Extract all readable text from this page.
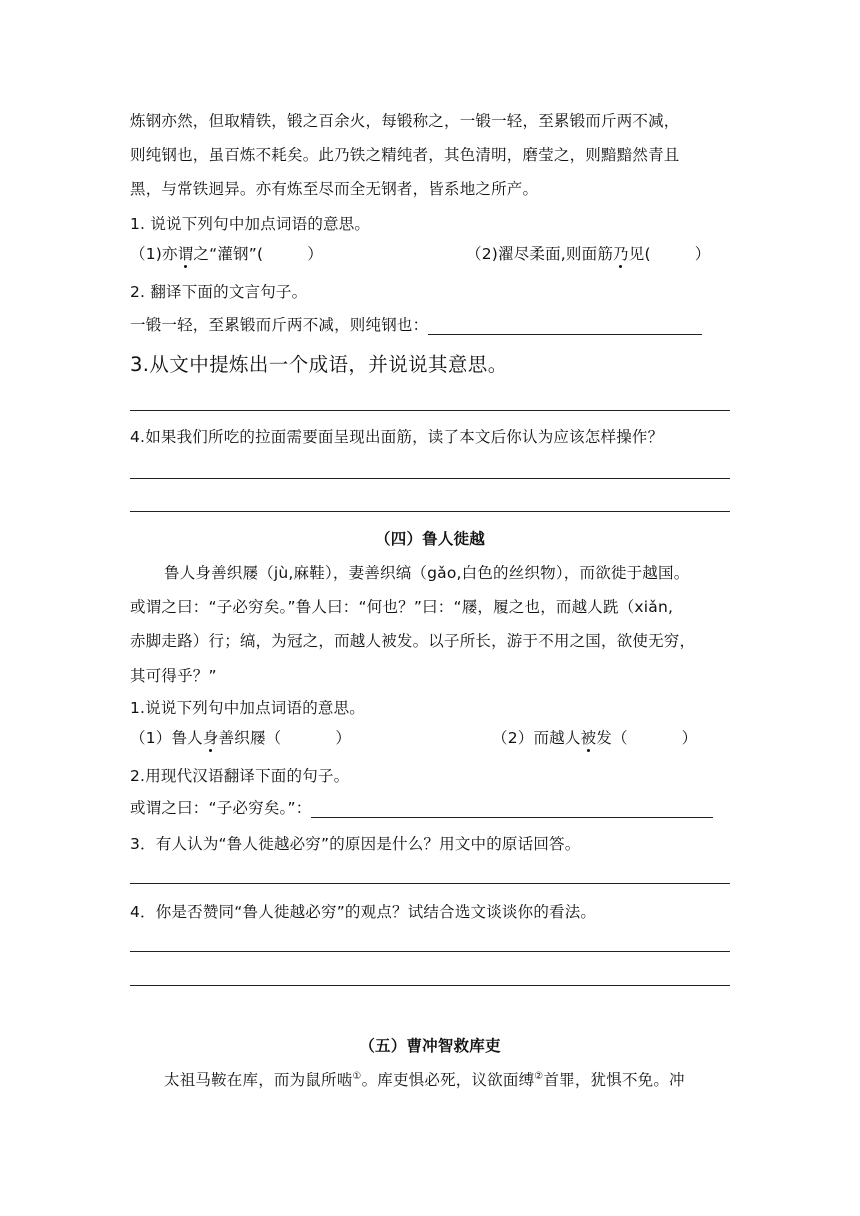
炼钢亦然，但取精铁，锻之百余火，每锻称之，一锻一轻，至累锻而斤两不减，
则纯钢也，虽百炼不耗矣。此乃铁之精纯者，其色清明，磨莹之，则黯黯然青且
黑，与常铁迥异。亦有炼至尽而全无钢者，皆系地之所产。
1. 说说下列句中加点词语的意思。
（1)亦谓之“灌钢”(	）	（2)濯尽柔面,则面筋乃见(	）
2. 翻译下面的文言句子。
一锻一轻，至累锻而斤两不减，则纯钢也：
3.从文中提炼出一个成语，并说说其意思。
4.如果我们所吃的拉面需要面呈现出面筋，读了本文后你认为应该怎样操作？
（四）鲁人徙越
鲁人身善织屦（jù,麻鞋），妻善织缟（gǎo,白色的丝织物），而欲徙于越国。
或谓之曰：“子必穷矣。”鲁人曰：“何也？”曰：“屦，履之也，而越人跣（xiǎn,
赤脚走路）行；缟，为冠之，而越人被发。以子所长，游于不用之国，欲使无穷，
其可得乎？”
1.说说下列句中加点词语的意思。
（1）鲁人身善织屦（	）	（2）而越人被发（	）
2.用现代汉语翻译下面的句子。
或谓之曰：“子必穷矣。”：
3．有人认为“鲁人徙越必穷”的原因是什么？用文中的原话回答。
4．你是否赞同“鲁人徙越必穷”的观点？试结合选文谈谈你的看法。
（五）曹冲智救库吏
太祖马鞍在库，而为鼠所啮①。库吏惧必死，议欲面缚②首罪，犹惧不免。冲
